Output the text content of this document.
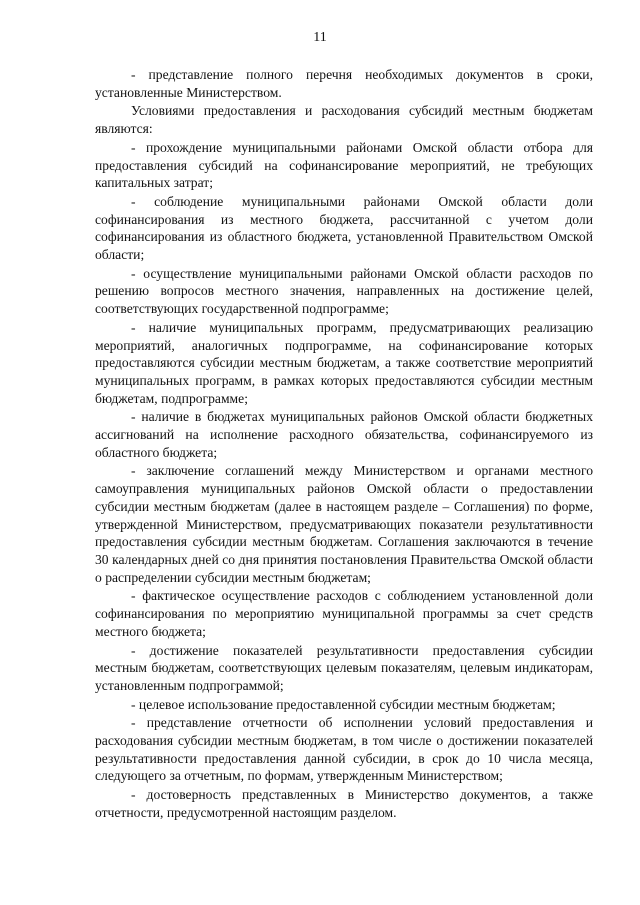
11

- представление полного перечня необходимых документов в сроки, установленные Министерством.

Условиями предоставления и расходования субсидий местным бюджетам являются:

- прохождение муниципальными районами Омской области отбора для предоставления субсидий на софинансирование мероприятий, не требующих капитальных затрат;

- соблюдение муниципальными районами Омской области доли софинансирования из местного бюджета, рассчитанной с учетом доли софинансирования из областного бюджета, установленной Правительством Омской области;

- осуществление муниципальными районами Омской области расходов по решению вопросов местного значения, направленных на достижение целей, соответствующих государственной подпрограмме;

- наличие муниципальных программ, предусматривающих реализацию мероприятий, аналогичных подпрограмме, на софинансирование которых предоставляются субсидии местным бюджетам, а также соответствие мероприятий муниципальных программ, в рамках которых предоставляются субсидии местным бюджетам, подпрограмме;

- наличие в бюджетах муниципальных районов Омской области бюджетных ассигнований на исполнение расходного обязательства, софинансируемого из областного бюджета;

- заключение соглашений между Министерством и органами местного самоуправления муниципальных районов Омской области о предоставлении субсидии местным бюджетам (далее в настоящем разделе – Соглашения) по форме, утвержденной Министерством, предусматривающих показатели результативности предоставления субсидии местным бюджетам. Соглашения заключаются в течение 30 календарных дней со дня принятия постановления Правительства Омской области о распределении субсидии местным бюджетам;

- фактическое осуществление расходов с соблюдением установленной доли софинансирования по мероприятию муниципальной программы за счет средств местного бюджета;

- достижение показателей результативности предоставления субсидии местным бюджетам, соответствующих целевым показателям, целевым индикаторам, установленным подпрограммой;

- целевое использование предоставленной субсидии местным бюджетам;

- представление отчетности об исполнении условий предоставления и расходования субсидии местным бюджетам, в том числе о достижении показателей результативности предоставления данной субсидии, в срок до 10 числа месяца, следующего за отчетным, по формам, утвержденным Министерством;

- достоверность представленных в Министерство документов, а также отчетности, предусмотренной настоящим разделом.
